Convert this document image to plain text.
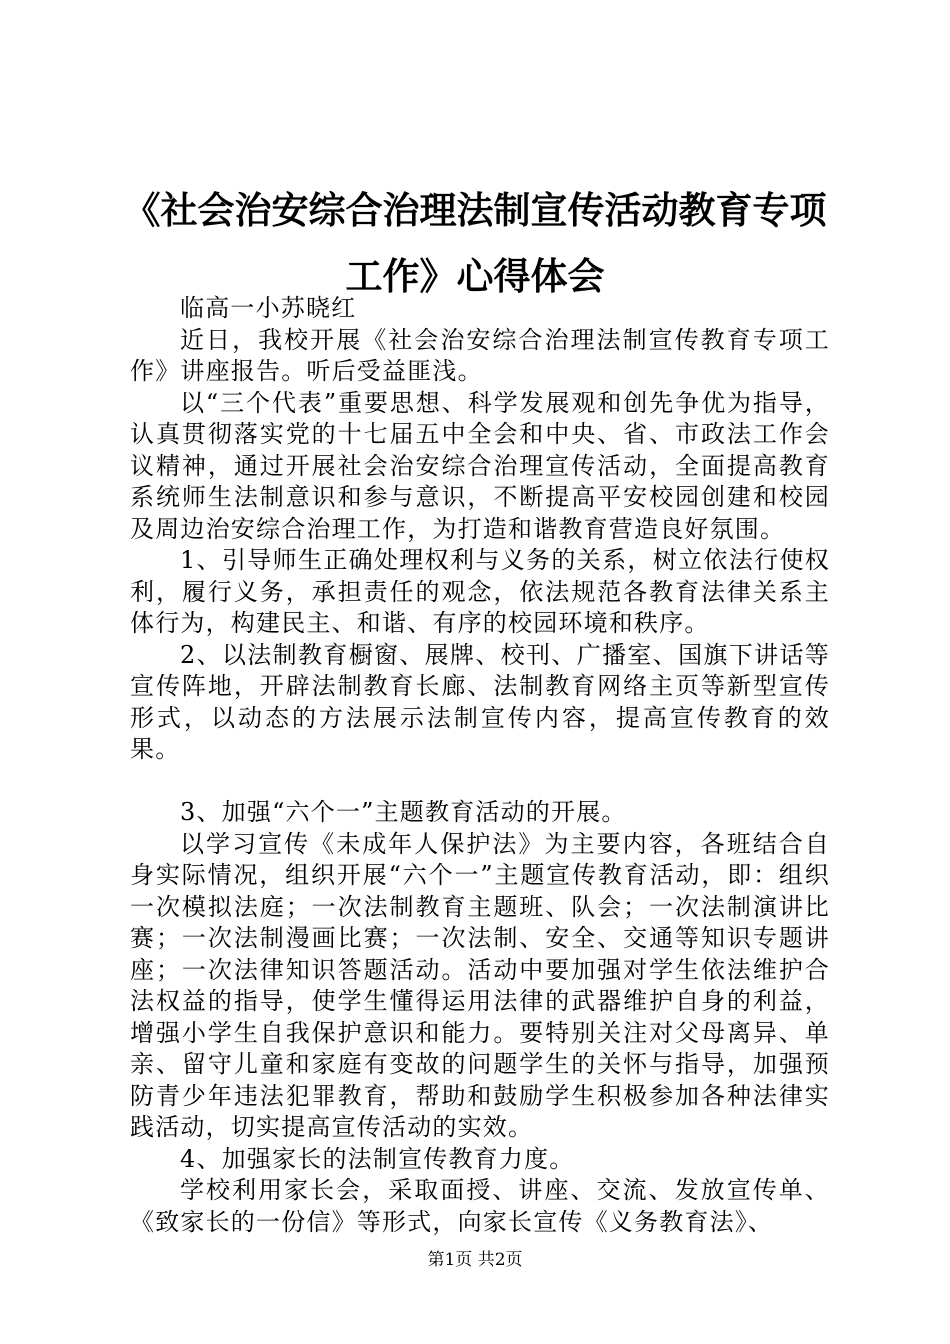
《社会治安综合治理法制宣传活动教育专项工作》心得体会

临高一小苏晓红

近日，我校开展《社会治安综合治理法制宣传教育专项工作》讲座报告。听后受益匪浅。

以“三个代表”重要思想、科学发展观和创先争优为指导，认真贯彻落实党的十七届五中全会和中央、省、市政法工作会议精神，通过开展社会治安综合治理宣传活动，全面提高教育系统师生法制意识和参与意识，不断提高平安校园创建和校园及周边治安综合治理工作，为打造和谐教育营造良好氛围。

1、引导师生正确处理权利与义务的关系，树立依法行使权利，履行义务，承担责任的观念，依法规范各教育法律关系主体行为，构建民主、和谐、有序的校园环境和秩序。

2、以法制教育橱窗、展牌、校刊、广播室、国旗下讲话等宣传阵地，开辟法制教育长廊、法制教育网络主页等新型宣传形式，以动态的方法展示法制宣传内容，提高宣传教育的效果。

3、加强“六个一”主题教育活动的开展。

以学习宣传《未成年人保护法》为主要内容，各班结合自身实际情况，组织开展“六个一”主题宣传教育活动，即：组织一次模拟法庭；一次法制教育主题班、队会；一次法制演讲比赛；一次法制漫画比赛；一次法制、安全、交通等知识专题讲座；一次法律知识答题活动。活动中要加强对学生依法维护合法权益的指导，使学生懂得运用法律的武器维护自身的利益，增强小学生自我保护意识和能力。要特别关注对父母离异、单亲、留守儿童和家庭有变故的问题学生的关怀与指导，加强预防青少年违法犯罪教育，帮助和鼓励学生积极参加各种法律实践活动，切实提高宣传活动的实效。

4、加强家长的法制宣传教育力度。

学校利用家长会，采取面授、讲座、交流、发放宣传单、《致家长的一份信》等形式，向家长宣传《义务教育法》、

第1页 共2页
